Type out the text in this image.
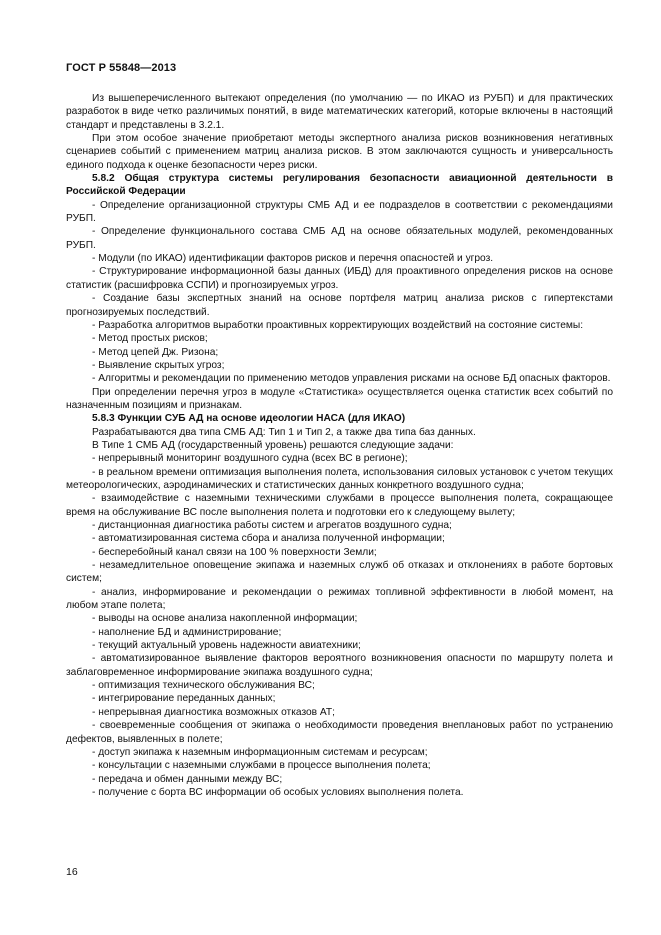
ГОСТ Р 55848—2013

Из вышеперечисленного вытекают определения (по умолчанию — по ИКАО из РУБП) и для практических разработок в виде четко различимых понятий, в виде математических категорий, которые включены в настоящий стандарт и представлены в 3.2.1.

При этом особое значение приобретают методы экспертного анализа рисков возникновения негативных сценариев событий с применением матриц анализа рисков. В этом заключаются сущность и универсальность единого подхода к оценке безопасности через риски.

5.8.2 Общая структура системы регулирования безопасности авиационной деятельности в Российской Федерации

- Определение организационной структуры СМБ АД и ее подразделов в соответствии с рекомендациями РУБП.

- Определение функционального состава СМБ АД на основе обязательных модулей, рекомендованных РУБП.

- Модули (по ИКАО) идентификации факторов рисков и перечня опасностей и угроз.

- Структурирование информационной базы данных (ИБД) для проактивного определения рисков на основе статистик (расшифровка ССПИ) и прогнозируемых угроз.

- Создание базы экспертных знаний на основе портфеля матриц анализа рисков с гипертекстами прогнозируемых последствий.

- Разработка алгоритмов выработки проактивных корректирующих воздействий на состояние системы:

- Метод простых рисков;

- Метод цепей Дж. Ризона;

- Выявление скрытых угроз;

- Алгоритмы и рекомендации по применению методов управления рисками на основе БД опасных факторов.

При определении перечня угроз в модуле «Статистика» осуществляется оценка статистик всех событий по назначенным позициям и признакам.

5.8.3 Функции СУБ АД на основе идеологии НАСА (для ИКАО)

Разрабатываются два типа СМБ АД: Тип 1 и Тип 2, а также два типа баз данных.

В Типе 1 СМБ АД (государственный уровень) решаются следующие задачи:

- непрерывный мониторинг воздушного судна (всех ВС в регионе);

- в реальном времени оптимизация выполнения полета, использования силовых установок с учетом текущих метеорологических, аэродинамических и статистических данных конкретного воздушного судна;

- взаимодействие с наземными техническими службами в процессе выполнения полета, сокращающее время на обслуживание ВС после выполнения полета и подготовки его к следующему вылету;

- дистанционная диагностика работы систем и агрегатов воздушного судна;

- автоматизированная система сбора и анализа полученной информации;

- бесперебойный канал связи на 100 % поверхности Земли;

- незамедлительное оповещение экипажа и наземных служб об отказах и отклонениях в работе бортовых систем;

- анализ, информирование и рекомендации о режимах топливной эффективности в любой момент, на любом этапе полета;

- выводы на основе анализа накопленной информации;

- наполнение БД и администрирование;

- текущий актуальный уровень надежности авиатехники;

- автоматизированное выявление факторов вероятного возникновения опасности по маршруту полета и заблаговременное информирование экипажа воздушного судна;

- оптимизация технического обслуживания ВС;

- интегрирование переданных данных;

- непрерывная диагностика возможных отказов АТ;

- своевременные сообщения от экипажа о необходимости проведения внеплановых работ по устранению дефектов, выявленных в полете;

- доступ экипажа к наземным информационным системам и ресурсам;

- консультации с наземными службами в процессе выполнения полета;

- передача и обмен данными между ВС;

- получение с борта ВС информации об особых условиях выполнения полета.

16
